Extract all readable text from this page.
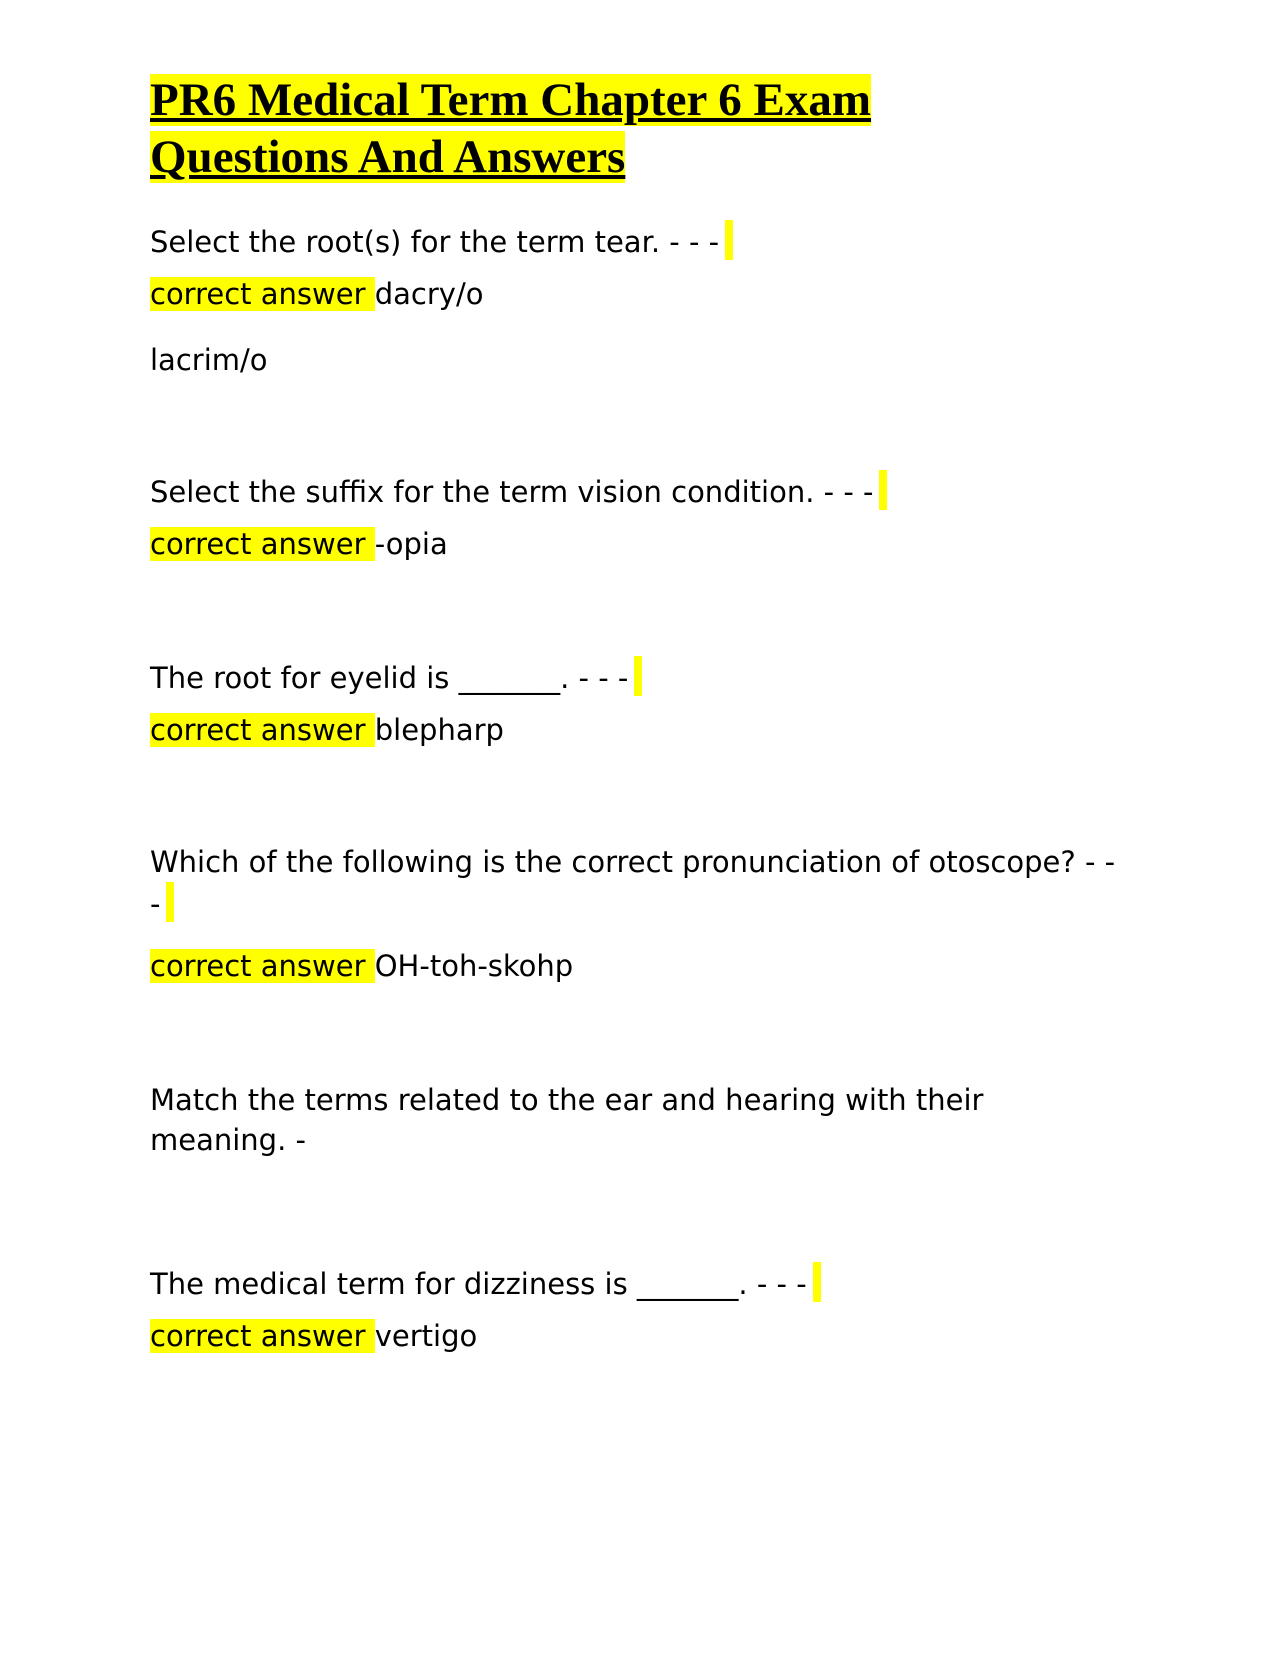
PR6 Medical Term Chapter 6 Exam Questions And Answers

Select the root(s) for the term tear. - - -

correct answer dacry/o

lacrim/o

Select the suffix for the term vision condition. - - -

correct answer -opia

The root for eyelid is _______. - - -

correct answer blepharp

Which of the following is the correct pronunciation of otoscope? - - -

correct answer OH-toh-skohp

Match the terms related to the ear and hearing with their meaning. -

The medical term for dizziness is _______. - - -

correct answer vertigo
